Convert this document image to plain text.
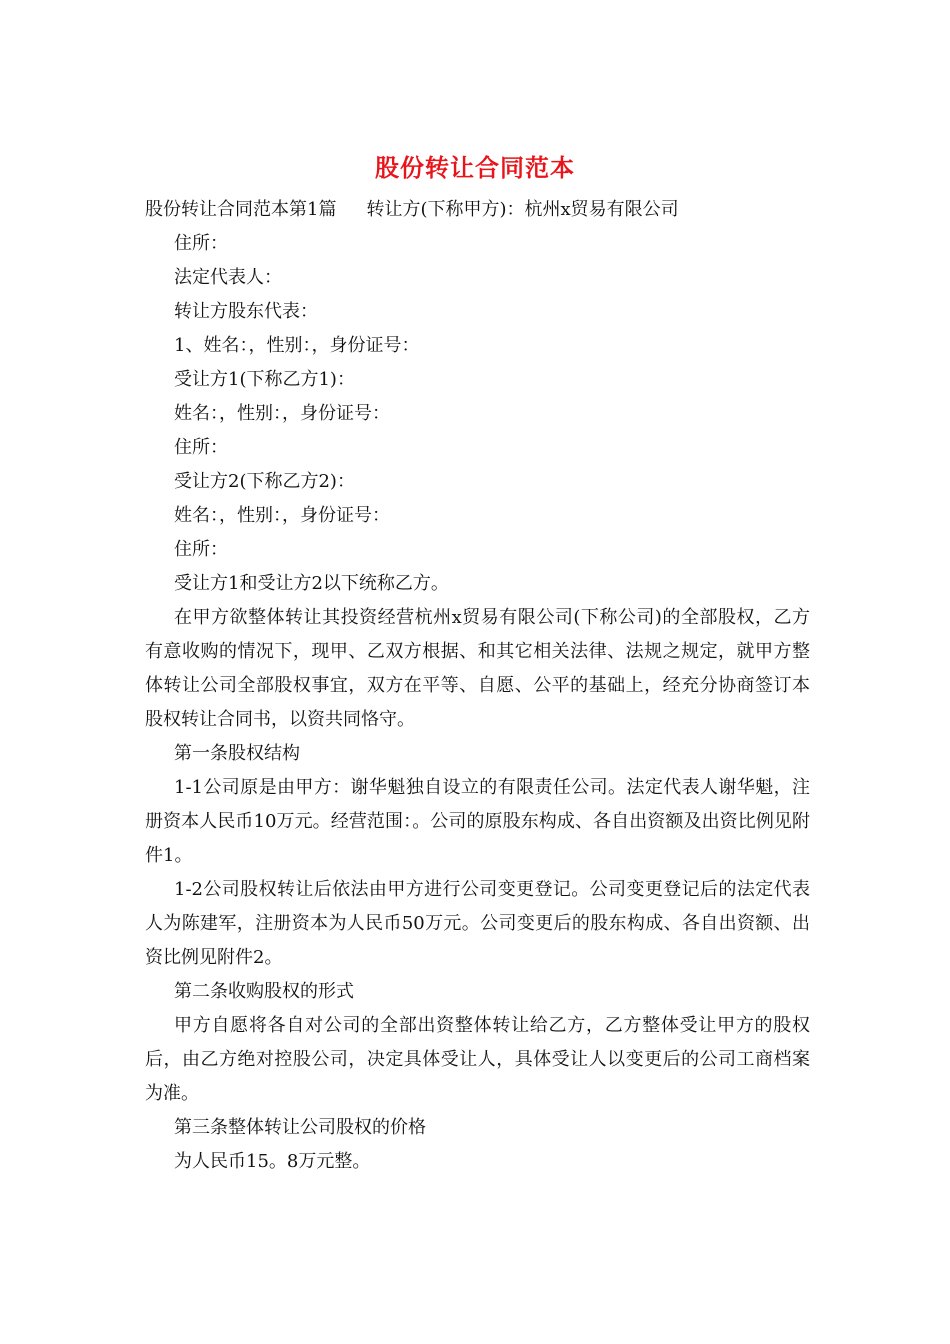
股份转让合同范本

股份转让合同范本第1篇 转让方(下称甲方)：杭州x贸易有限公司

住所：

法定代表人：

转让方股东代表：

1、姓名：，性别：，身份证号：

受让方1(下称乙方1)：

姓名：，性别：，身份证号：

住所：

受让方2(下称乙方2)：

姓名：，性别：，身份证号：

住所：

受让方1和受让方2以下统称乙方。

在甲方欲整体转让其投资经营杭州x贸易有限公司(下称公司)的全部股权，乙方有意收购的情况下，现甲、乙双方根据、和其它相关法律、法规之规定，就甲方整体转让公司全部股权事宜，双方在平等、自愿、公平的基础上，经充分协商签订本股权转让合同书，以资共同恪守。

第一条股权结构

1-1公司原是由甲方：谢华魁独自设立的有限责任公司。法定代表人谢华魁，注册资本人民币10万元。经营范围：。公司的原股东构成、各自出资额及出资比例见附件1。

1-2公司股权转让后依法由甲方进行公司变更登记。公司变更登记后的法定代表人为陈建军，注册资本为人民币50万元。公司变更后的股东构成、各自出资额、出资比例见附件2。

第二条收购股权的形式

甲方自愿将各自对公司的全部出资整体转让给乙方，乙方整体受让甲方的股权后，由乙方绝对控股公司，决定具体受让人，具体受让人以变更后的公司工商档案为准。

第三条整体转让公司股权的价格

为人民币15。8万元整。
